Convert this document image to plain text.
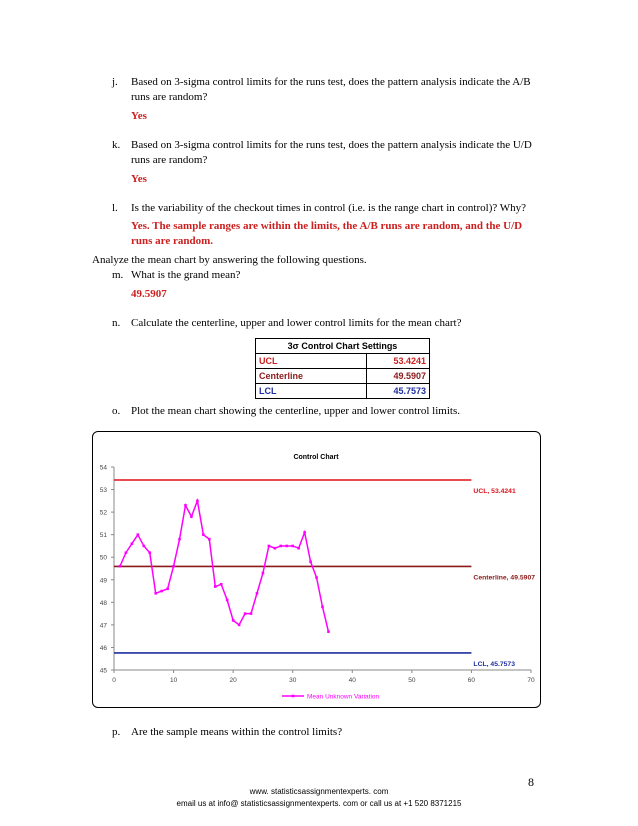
j.	Based on 3-sigma control limits for the runs test, does the pattern analysis indicate the A/B runs are random?
Yes
k. Based on 3-sigma control limits for the runs test, does the pattern analysis indicate the U/D runs are random?
Yes
l.	Is the variability of the checkout times in control (i.e. is the range chart in control)? Why?
Yes. The sample ranges are within the limits, the A/B runs are random, and the U/D runs are random.
Analyze the mean chart by answering the following questions.
m. What is the grand mean?
49.5907
n. Calculate the centerline, upper and lower control limits for the mean chart?
3σ Control Chart Settings	
UCL	53.4241
Centerline	49.5907
LCL	45.7573
o. Plot the mean chart showing the centerline, upper and lower control limits.
Control Chart
45
46
47
48
49
50
51
52
53
54
0	10	20	30	40	50	60	70
UCL, 53.4241
Centerline, 49.5907
LCL, 45.7573
Mean Unknown Variation
p. Are the sample means within the control limits?
8
www. statisticsassignmentexperts. com
email us at info@ statisticsassignmentexperts. com or call us at +1 520 8371215
